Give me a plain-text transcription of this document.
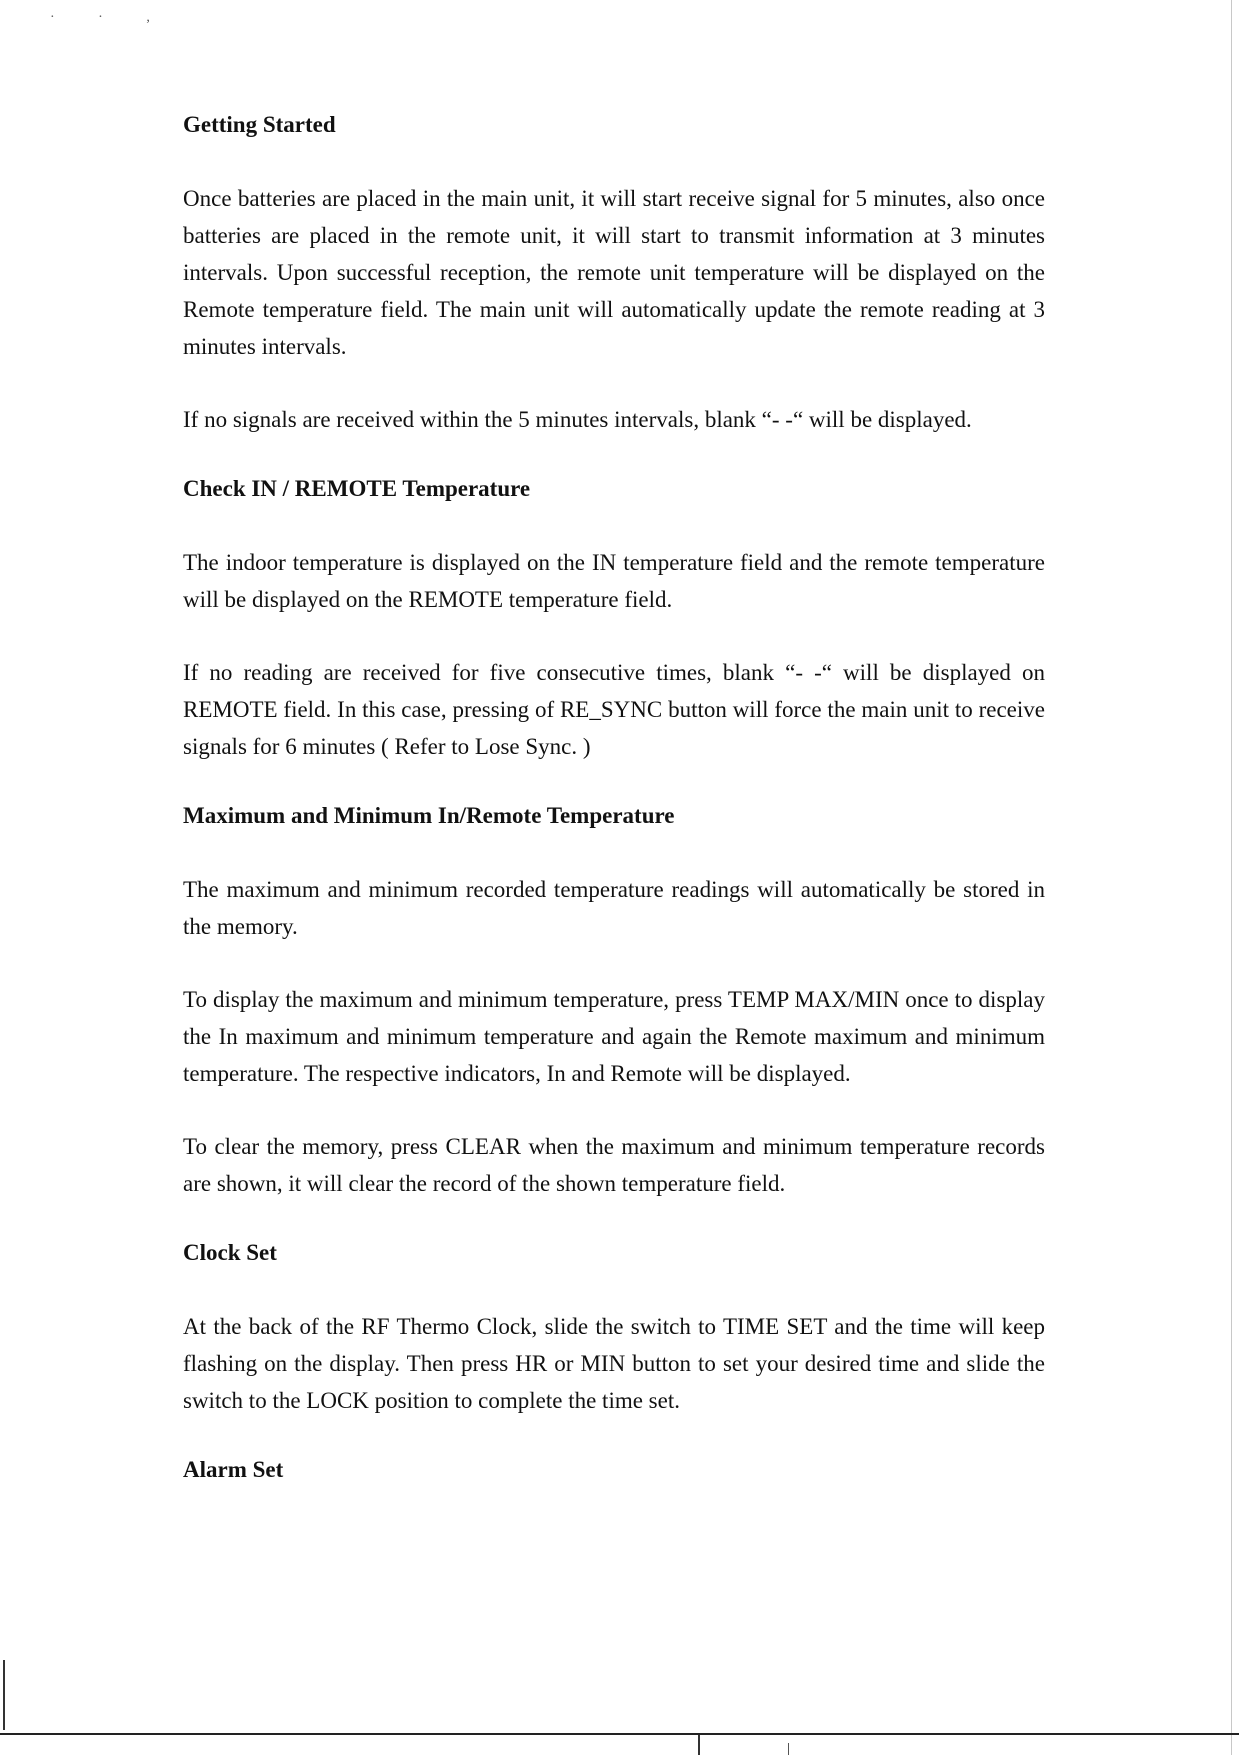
· · ,
Getting Started

Once batteries are placed in the main unit, it will start receive signal for 5 minutes, also once batteries are placed in the remote unit, it will start to transmit information at 3 minutes intervals. Upon successful reception, the remote unit temperature will be displayed on the Remote temperature field. The main unit will automatically update the remote reading at 3 minutes intervals.

If no signals are received within the 5 minutes intervals, blank “- -“ will be displayed.

Check IN / REMOTE Temperature

The indoor temperature is displayed on the IN temperature field and the remote temperature will be displayed on the REMOTE temperature field.

If no reading are received for five consecutive times, blank “- -“ will be displayed on REMOTE field. In this case, pressing of RE_SYNC button will force the main unit to receive signals for 6 minutes ( Refer to Lose Sync. )

Maximum and Minimum In/Remote Temperature

The maximum and minimum recorded temperature readings will automatically be stored in the memory.

To display the maximum and minimum temperature, press TEMP MAX/MIN once to display the In maximum and minimum temperature and again the Remote maximum and minimum temperature. The respective indicators, In and Remote will be displayed.

To clear the memory, press CLEAR when the maximum and minimum temperature records are shown, it will clear the record of the shown temperature field.

Clock Set

At the back of the RF Thermo Clock, slide the switch to TIME SET and the time will keep flashing on the display. Then press HR or MIN button to set your desired time and slide the switch to the LOCK position to complete the time set.

Alarm Set
